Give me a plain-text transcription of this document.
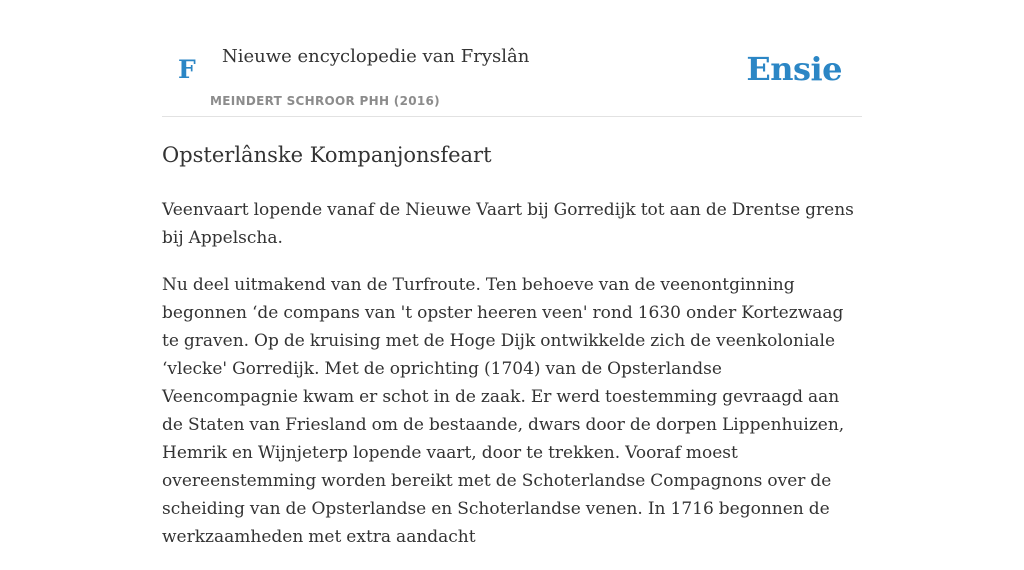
F Nieuwe encyclopedie van Fryslân
MEINDERT SCHROOR PHH (2016)
Ensie
Opsterlânske Kompanjonsfeart

Veenvaart lopende vanaf de Nieuwe Vaart bij Gorredijk tot aan de Drentse grens bij Appelscha.

Nu deel uitmakend van de Turfroute. Ten behoeve van de veenontginning begonnen ‘de compans van 't opster heeren veen' rond 1630 onder Kortezwaag te graven. Op de kruising met de Hoge Dijk ontwikkelde zich de veenkoloniale ‘vlecke' Gorredijk. Met de oprichting (1704) van de Opsterlandse Veencompagnie kwam er schot in de zaak. Er werd toestemming gevraagd aan de Staten van Friesland om de bestaande, dwars door de dorpen Lippenhuizen, Hemrik en Wijnjeterp lopende vaart, door te trekken. Vooraf moest overeenstemming worden bereikt met de Schoterlandse Compagnons over de scheiding van de Opsterlandse en Schoterlandse venen. In 1716 begonnen de werkzaamheden met extra aandacht
